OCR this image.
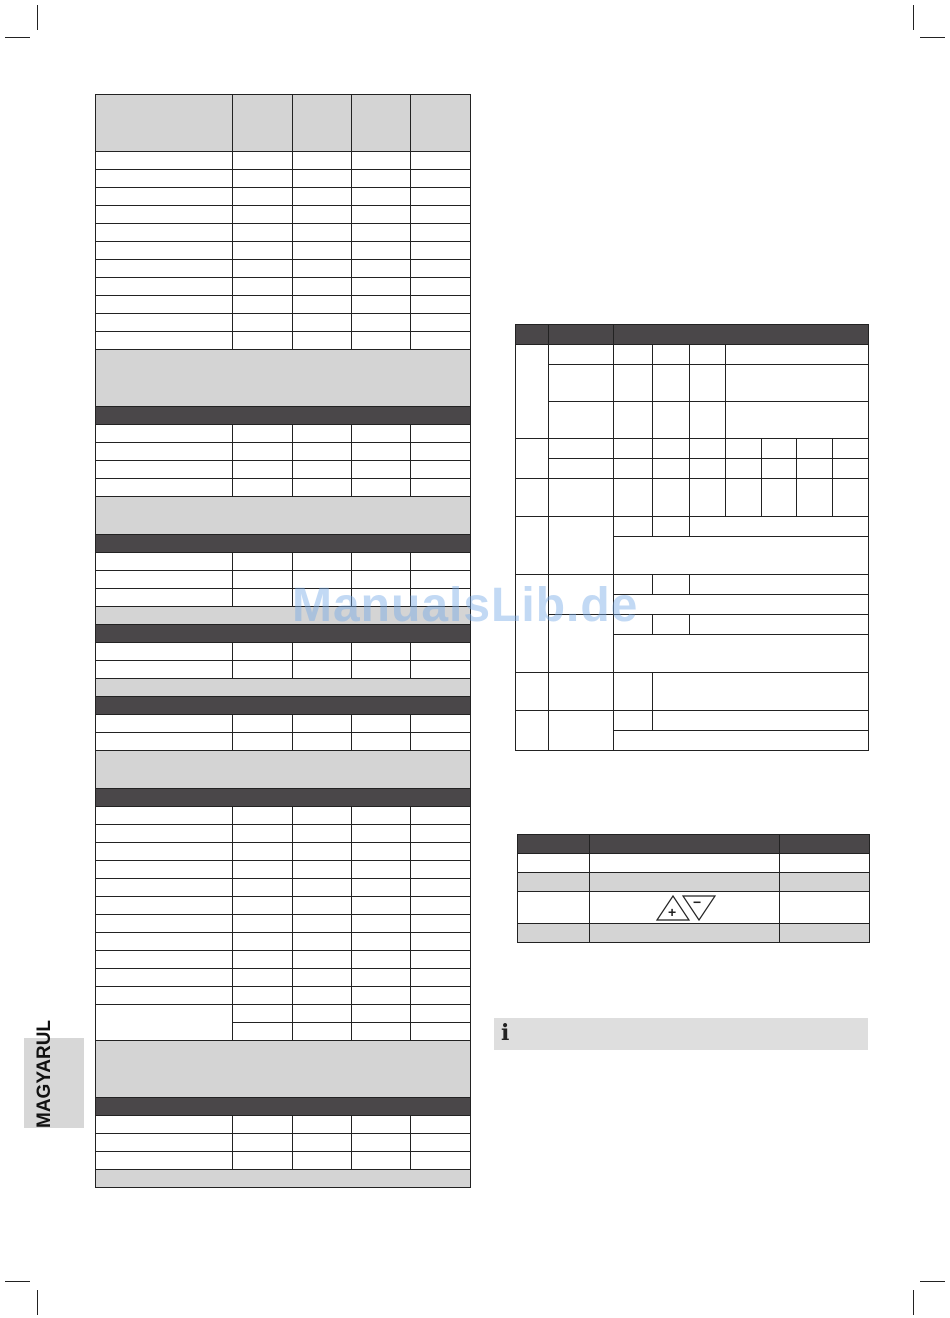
+
−	

i
MAGYARUL
ManualsLib.de
